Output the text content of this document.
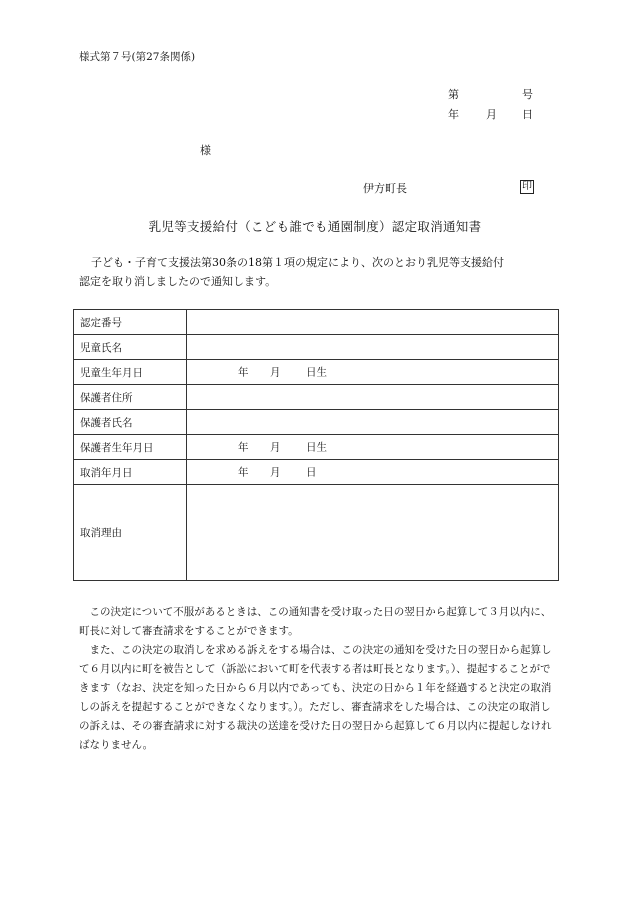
様式第７号(第27条関係)
第	号
年 月 日
様
伊方町長	印
乳児等支援給付（こども誰でも通園制度）認定取消通知書
子ども・子育て支援法第30条の18第１項の規定により、次のとおり乳児等支援給付
認定を取り消しましたので通知します。
認定番号	
児童氏名	
児童生年月日	年 月 日生

保護者住所	
保護者氏名	
保護者生年月日	年 月 日生

取消年月日	年 月 日

取消理由	

この決定について不服があるときは、この通知書を受け取った日の翌日から起算して３月以内に、町長に対して審査請求をすることができます。

また、この決定の取消しを求める訴えをする場合は、この決定の通知を受けた日の翌日から起算して６月以内に町を被告として（訴訟において町を代表する者は町長となります。）、提起することができます（なお、決定を知った日から６月以内であっても、決定の日から１年を経過すると決定の取消しの訴えを提起することができなくなります。）。ただし、審査請求をした場合は、この決定の取消しの訴えは、その審査請求に対する裁決の送達を受けた日の翌日から起算して６月以内に提起しなければなりません。
